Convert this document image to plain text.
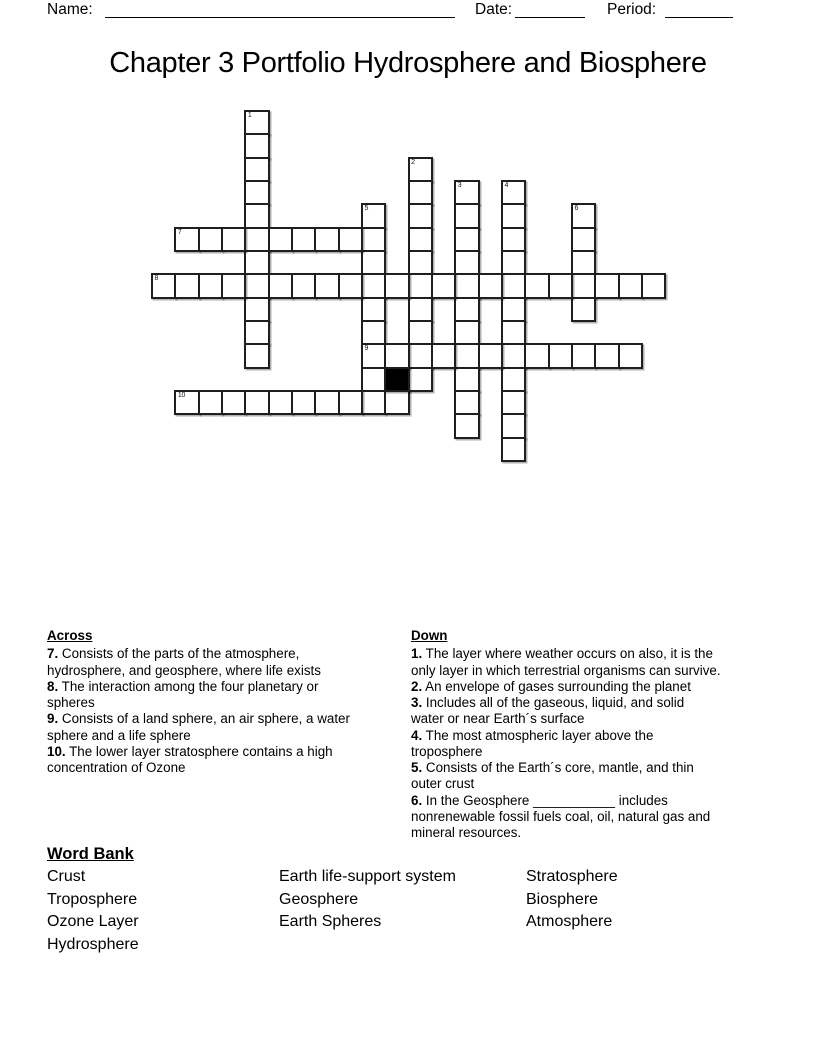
Name:	Date:	Period:
Chapter 3 Portfolio Hydrosphere and Biosphere
1
2
3	4
5
9
6
7
8
10
Across

7. Consists of the parts of the atmosphere,
hydrosphere, and geosphere, where life exists

8. The interaction among the four planetary or
spheres

9. Consists of a land sphere, an air sphere, a water
sphere and a life sphere

10. The lower layer stratosphere contains a high
concentration of Ozone

Down

1. The layer where weather occurs on also, it is the
only layer in which terrestrial organisms can survive.

2. An envelope of gases surrounding the planet

3. Includes all of the gaseous, liquid, and solid
water or near Earth´s surface

4. The most atmospheric layer above the
troposphere

5. Consists of the Earth´s core, mantle, and thin
outer crust

6. In the Geosphere ___________ includes
nonrenewable fossil fuels coal, oil, natural gas and
mineral resources.

Word Bank
Crust
Troposphere
Ozone Layer
Hydrosphere
Earth life-support system
Geosphere
Earth Spheres
Stratosphere
Biosphere
Atmosphere
